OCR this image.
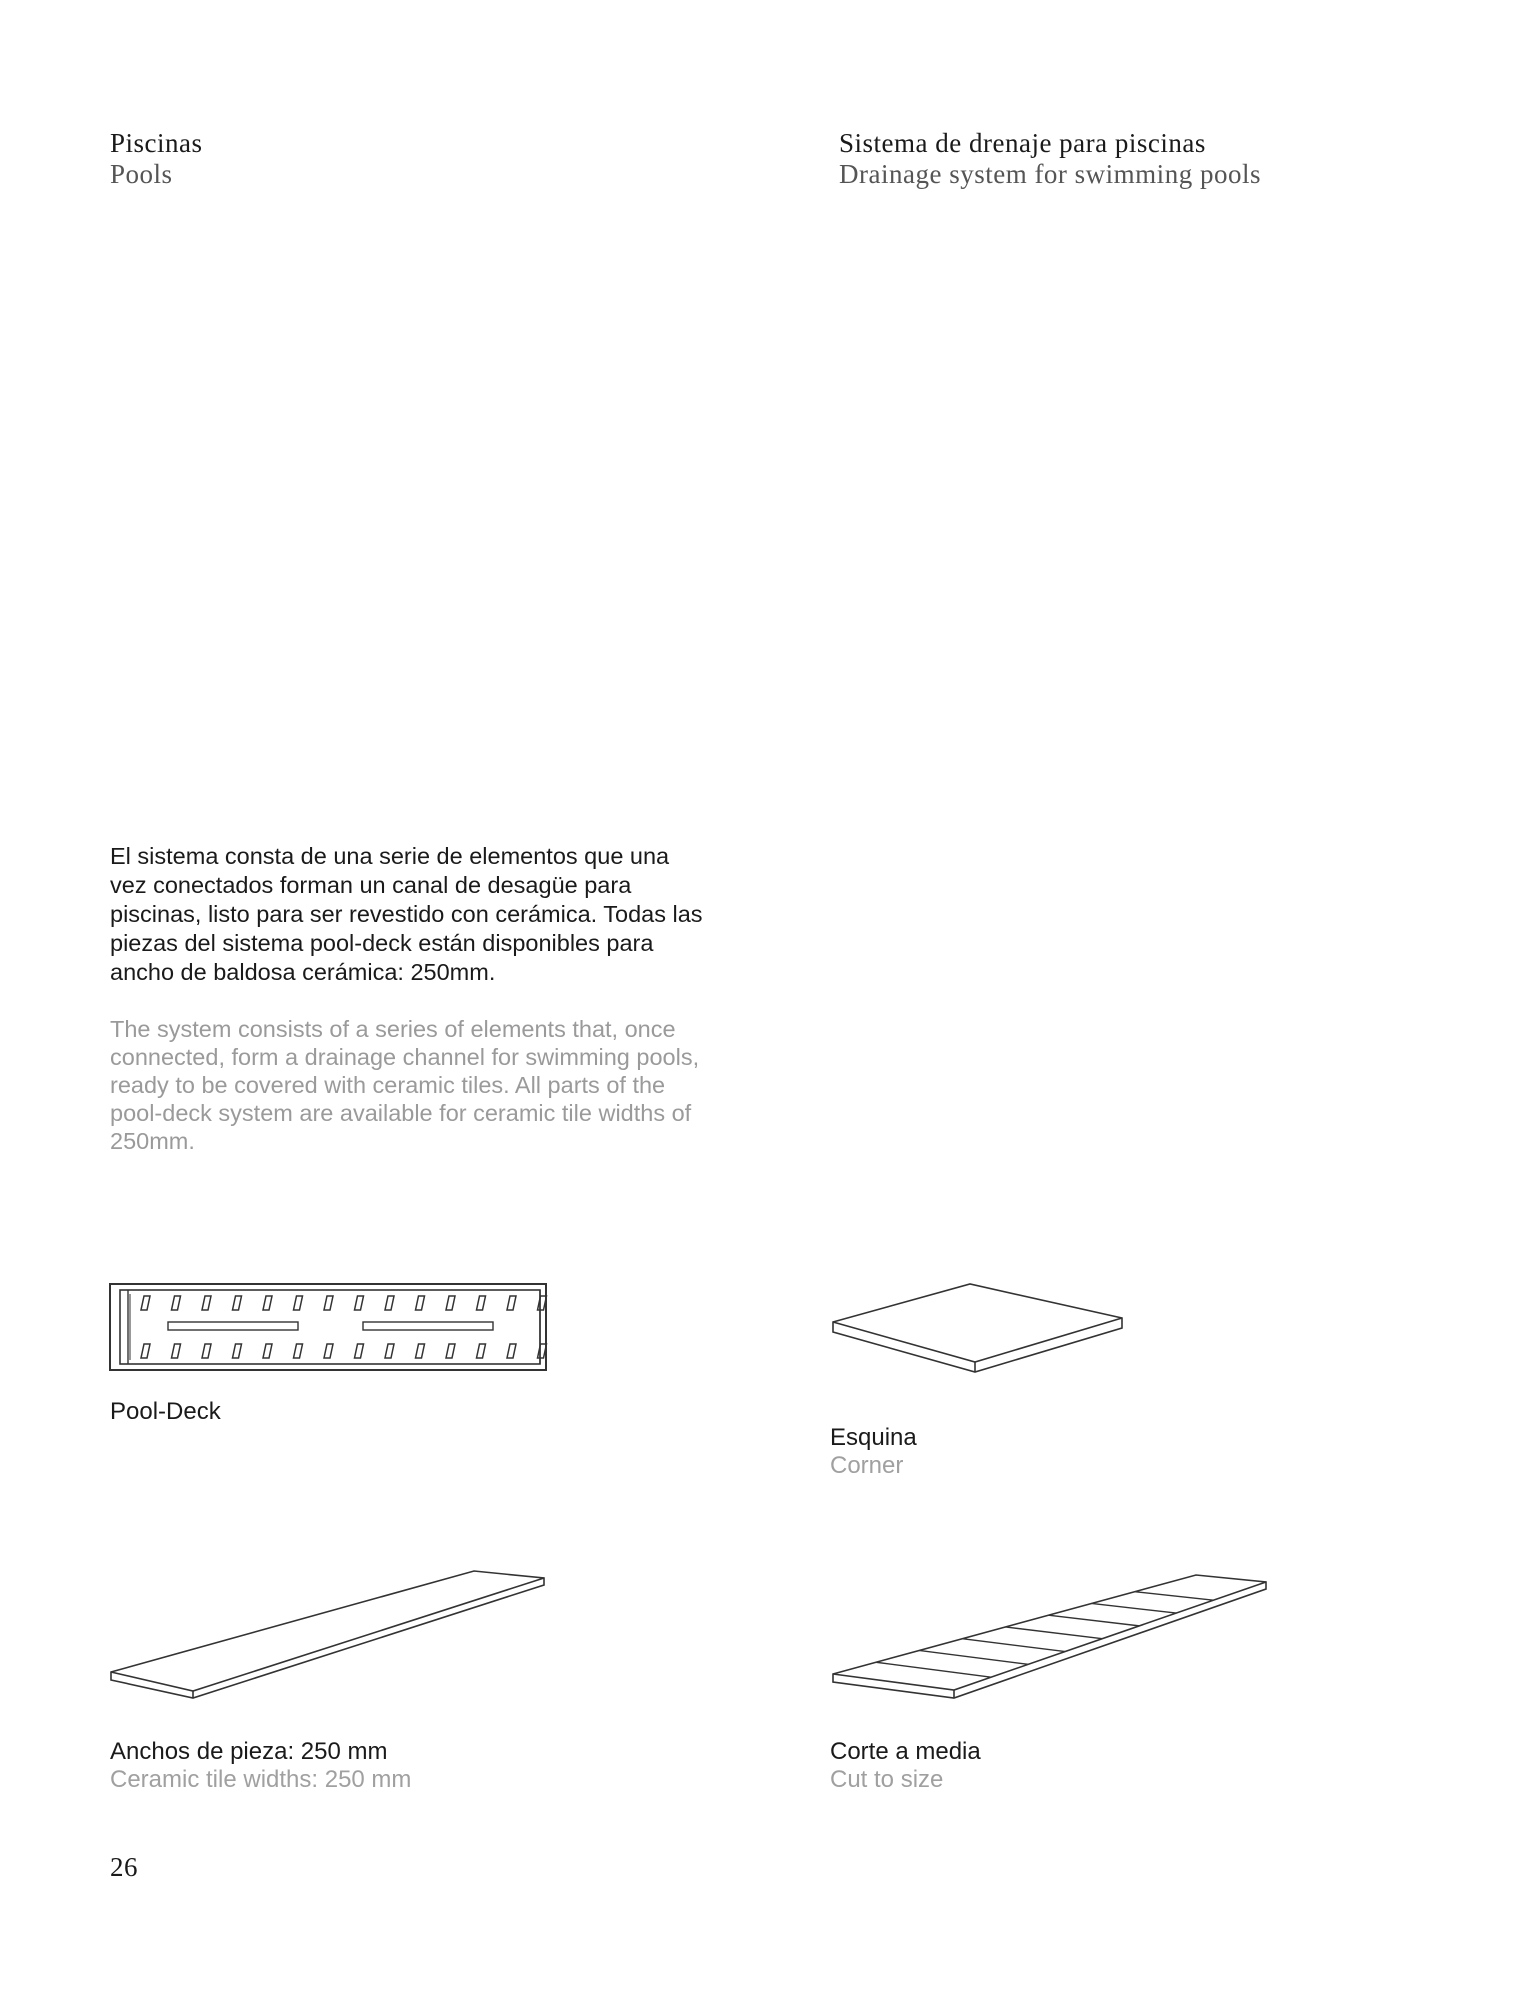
Piscinas
Pools
Sistema de drenaje para piscinas
Drainage system for swimming pools

El sistema consta de una serie de elementos que una vez conectados forman un canal de desagüe para piscinas, listo para ser revestido con cerámica. Todas las piezas del sistema pool-deck están disponibles para ancho de baldosa cerámica: 250mm.

The system consists of a series of elements that, once connected, form a drainage channel for swimming pools, ready to be covered with ceramic tiles. All parts of the pool-deck system are available for ceramic tile widths of 250mm.

Pool-Deck
Esquina
Corner
Anchos de pieza: 250 mm
Ceramic tile widths: 250 mm
Corte a media
Cut to size
26
